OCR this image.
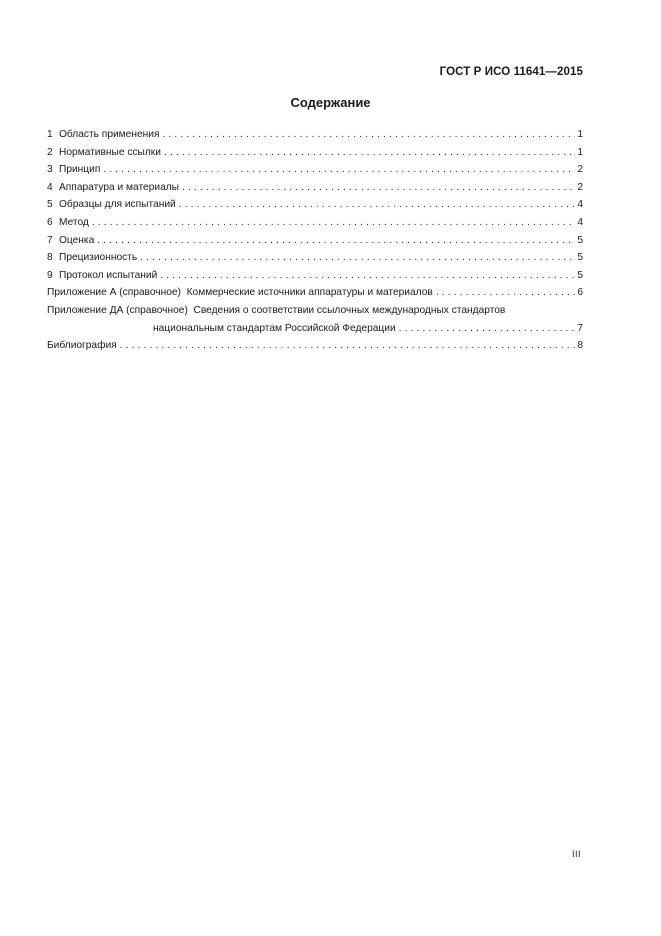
ГОСТ Р ИСО 11641—2015
Содержание
1 Область применения . . .	1
2 Нормативные ссылки . . .	1
3 Принцип . . .	2
4 Аппаратура и материалы . . .	2
5 Образцы для испытаний . . .	4
6 Метод . . .	4
7 Оценка . . .	5
8 Прецизионность . . .	5
9 Протокол испытаний . . .	5
Приложение А (справочное)  Коммерческие источники аппаратуры и материалов . . .	6
Приложение ДА (справочное)  Сведения о соответствии ссылочных международных стандартов
национальным стандартам Российской Федерации . . .	7
Библиография . . .	8
III
